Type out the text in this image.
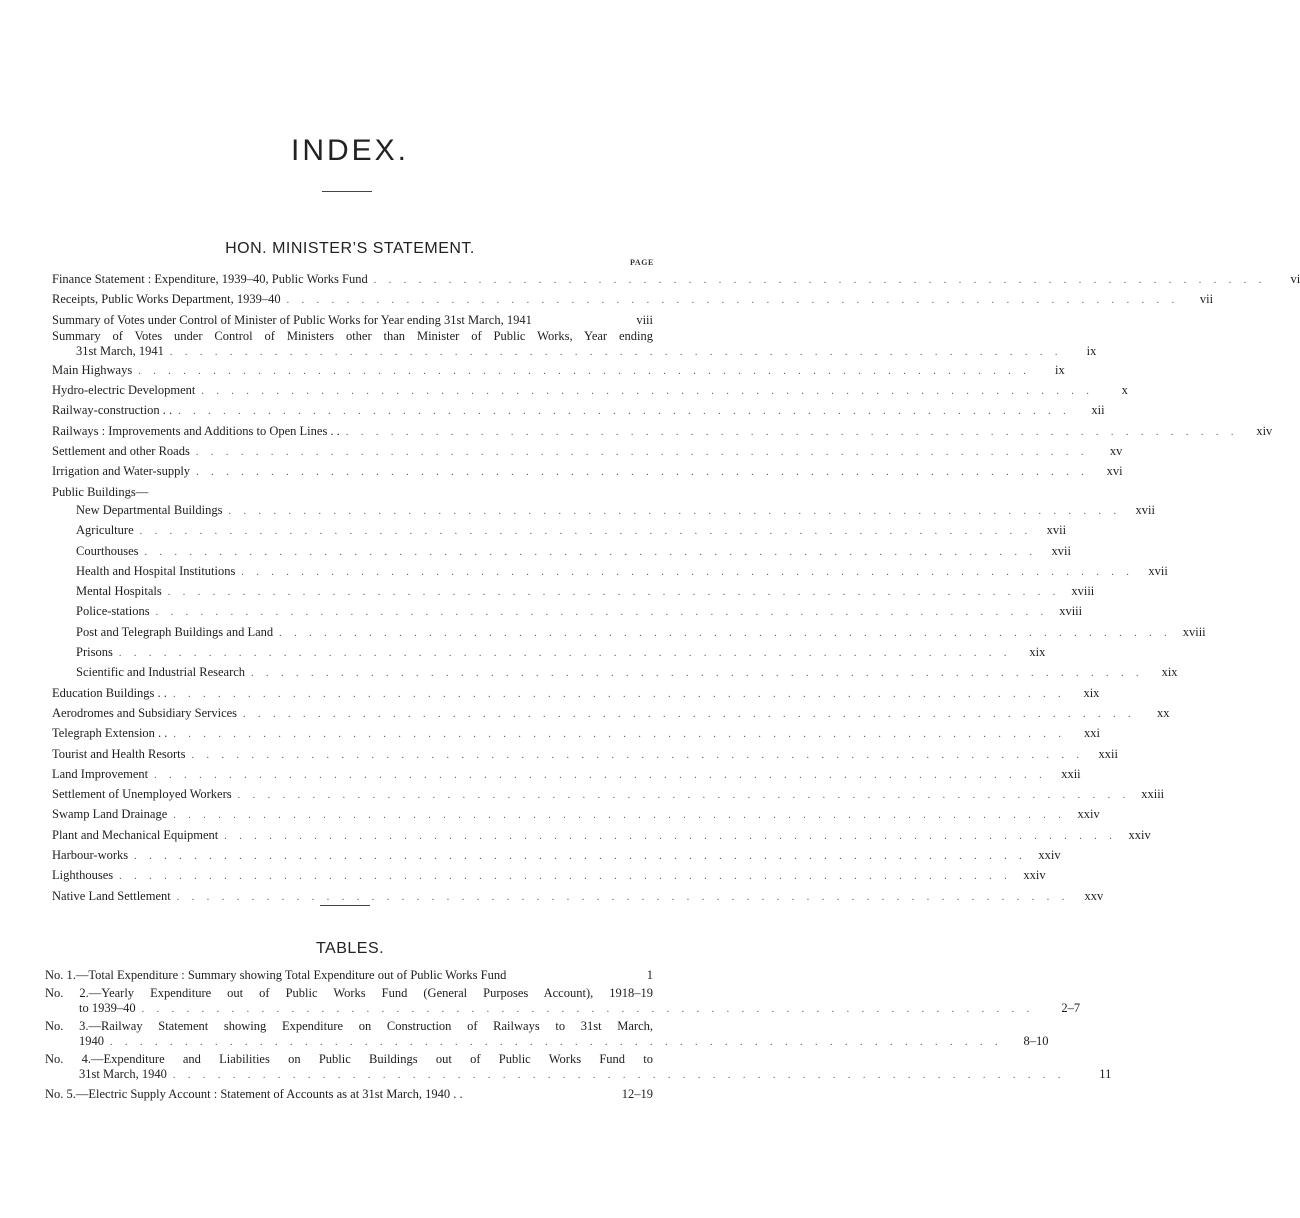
INDEX.
HON. MINISTER’S STATEMENT.
PAGE
Finance Statement : Expenditure, 1939–40, Public Works Fund . . . . . . . . . . . . . . . . . . . . . . . . . . . . . . . . . . . . . . . . . . . . . . . . . . . . . . . . . . . .	vi
Receipts, Public Works Department, 1939–40 . . . . . . . . . . . . . . . . . . . . . . . . . . . . . . . . . . . . . . . . . . . . . . . . . . . . . . . . . . . .	vii
Summary of Votes under Control of Minister of Public Works for Year ending 31st March, 1941	viii
Summary of Votes under Control of Ministers other than Minister of Public Works, Year ending
31st March, 1941 . . . . . . . . . . . . . . . . . . . . . . . . . . . . . . . . . . . . . . . . . . . . . . . . . . . . . . . . . . . .	ix
Main Highways . . . . . . . . . . . . . . . . . . . . . . . . . . . . . . . . . . . . . . . . . . . . . . . . . . . . . . . . . . . .	ix
Hydro-electric Development . . . . . . . . . . . . . . . . . . . . . . . . . . . . . . . . . . . . . . . . . . . . . . . . . . . . . . . . . . . .	x
Railway-construction . . . . . . . . . . . . . . . . . . . . . . . . . . . . . . . . . . . . . . . . . . . . . . . . . . . . . . . . . . . . . .	xii
Railways : Improvements and Additions to Open Lines . . . . . . . . . . . . . . . . . . . . . . . . . . . . . . . . . . . . . . . . . . . . . . . . . . . . . . . . . . . . . .	xiv
Settlement and other Roads . . . . . . . . . . . . . . . . . . . . . . . . . . . . . . . . . . . . . . . . . . . . . . . . . . . . . . . . . . . .	xv
Irrigation and Water-supply . . . . . . . . . . . . . . . . . . . . . . . . . . . . . . . . . . . . . . . . . . . . . . . . . . . . . . . . . . . .	xvi
Public Buildings—
New Departmental Buildings . . . . . . . . . . . . . . . . . . . . . . . . . . . . . . . . . . . . . . . . . . . . . . . . . . . . . . . . . . . .	xvii
Agriculture . . . . . . . . . . . . . . . . . . . . . . . . . . . . . . . . . . . . . . . . . . . . . . . . . . . . . . . . . . . .	xvii
Courthouses . . . . . . . . . . . . . . . . . . . . . . . . . . . . . . . . . . . . . . . . . . . . . . . . . . . . . . . . . . . .	xvii
Health and Hospital Institutions . . . . . . . . . . . . . . . . . . . . . . . . . . . . . . . . . . . . . . . . . . . . . . . . . . . . . . . . . . . .	xvii
Mental Hospitals . . . . . . . . . . . . . . . . . . . . . . . . . . . . . . . . . . . . . . . . . . . . . . . . . . . . . . . . . . . . xviii
Police-stations . . . . . . . . . . . . . . . . . . . . . . . . . . . . . . . . . . . . . . . . . . . . . . . . . . . . . . . . . . . . xviii
Post and Telegraph Buildings and Land . . . . . . . . . . . . . . . . . . . . . . . . . . . . . . . . . . . . . . . . . . . . . . . . . . . . . . . . . . . . xviii
Prisons . . . . . . . . . . . . . . . . . . . . . . . . . . . . . . . . . . . . . . . . . . . . . . . . . . . . . . . . . . . .	xix
Scientific and Industrial Research . . . . . . . . . . . . . . . . . . . . . . . . . . . . . . . . . . . . . . . . . . . . . . . . . . . . . . . . . . . .	xix
Education Buildings . . . . . . . . . . . . . . . . . . . . . . . . . . . . . . . . . . . . . . . . . . . . . . . . . . . . . . . . . . . . . .	xix
Aerodromes and Subsidiary Services . . . . . . . . . . . . . . . . . . . . . . . . . . . . . . . . . . . . . . . . . . . . . . . . . . . . . . . . . . . .	xx
Telegraph Extension . . . . . . . . . . . . . . . . . . . . . . . . . . . . . . . . . . . . . . . . . . . . . . . . . . . . . . . . . . . . . .	xxi
Tourist and Health Resorts . . . . . . . . . . . . . . . . . . . . . . . . . . . . . . . . . . . . . . . . . . . . . . . . . . . . . . . . . . . .	xxii
Land Improvement . . . . . . . . . . . . . . . . . . . . . . . . . . . . . . . . . . . . . . . . . . . . . . . . . . . . . . . . . . . .	xxii
Settlement of Unemployed Workers . . . . . . . . . . . . . . . . . . . . . . . . . . . . . . . . . . . . . . . . . . . . . . . . . . . . . . . . . . . . xxiii
Swamp Land Drainage . . . . . . . . . . . . . . . . . . . . . . . . . . . . . . . . . . . . . . . . . . . . . . . . . . . . . . . . . . . . xxiv
Plant and Mechanical Equipment . . . . . . . . . . . . . . . . . . . . . . . . . . . . . . . . . . . . . . . . . . . . . . . . . . . . . . . . . . . . xxiv
Harbour-works . . . . . . . . . . . . . . . . . . . . . . . . . . . . . . . . . . . . . . . . . . . . . . . . . . . . . . . . . . . . xxiv
Lighthouses . . . . . . . . . . . . . . . . . . . . . . . . . . . . . . . . . . . . . . . . . . . . . . . . . . . . . . . . . . . . xxiv
Native Land Settlement . . . . . . . . . . . . . . . . . . . . . . . . . . . . . . . . . . . . . . . . . . . . . . . . . . . . . . . . . . . .	xxv
TABLES.
No. 1.—Total Expenditure : Summary showing Total Expenditure out of Public Works Fund	1
No. 2.—Yearly Expenditure out of Public Works Fund (General Purposes Account), 1918–19
to 1939–40 . . . . . . . . . . . . . . . . . . . . . . . . . . . . . . . . . . . . . . . . . . . . . . . . . . . . . . . . . . . .	2–7
No. 3.—Railway Statement showing Expenditure on Construction of Railways to 31st March,
1940 . . . . . . . . . . . . . . . . . . . . . . . . . . . . . . . . . . . . . . . . . . . . . . . . . . . . . . . . . . . .	8–10
No. 4.—Expenditure and Liabilities on Public Buildings out of Public Works Fund to
31st March, 1940 . . . . . . . . . . . . . . . . . . . . . . . . . . . . . . . . . . . . . . . . . . . . . . . . . . . . . . . . . . . .	11
No. 5.—Electric Supply Account : Statement of Accounts as at 31st March, 1940 . .	12–19
